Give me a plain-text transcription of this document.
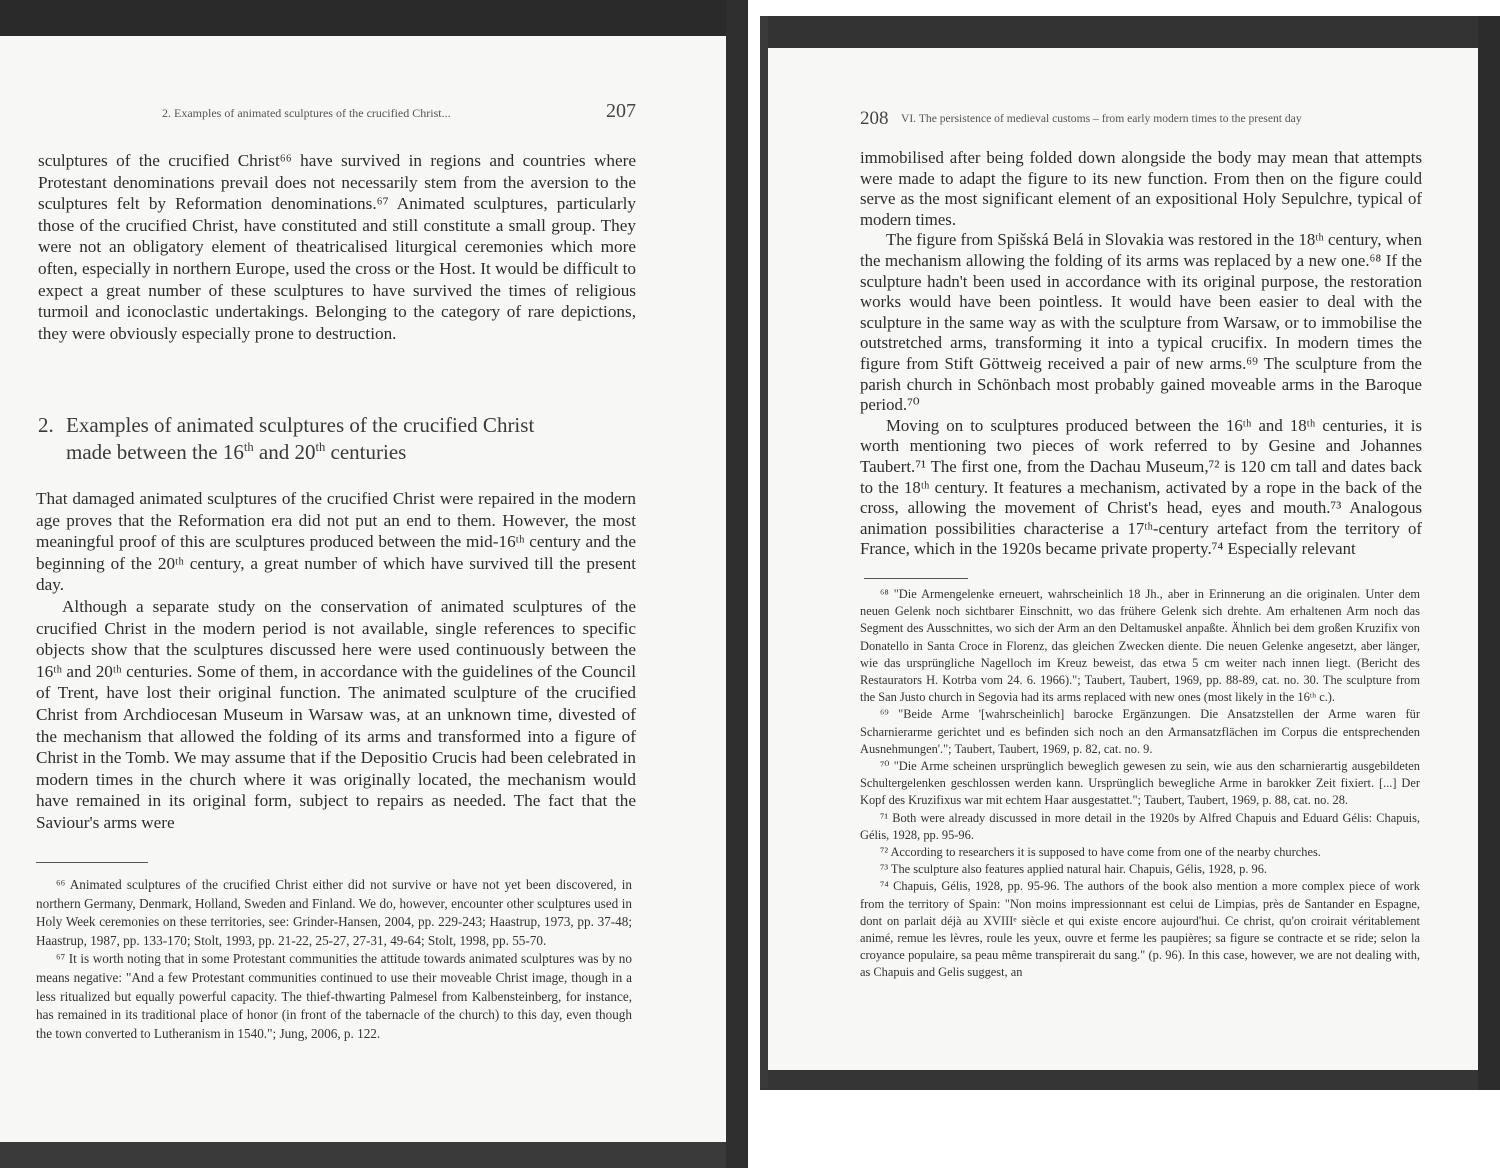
2. Examples of animated sculptures of the crucified Christ...	207

sculptures of the crucified Christ⁶⁶ have survived in regions and countries where Protestant denominations prevail does not necessarily stem from the aversion to the sculptures felt by Reformation denominations.⁶⁷ Animated sculptures, particularly those of the crucified Christ, have constituted and still constitute a small group. They were not an obligatory element of theatricalised liturgical ceremonies which more often, especially in northern Europe, used the cross or the Host. It would be difficult to expect a great number of these sculptures to have survived the times of religious turmoil and iconoclastic undertakings. Belonging to the category of rare depictions, they were obviously especially prone to destruction.

2. Examples of animated sculptures of the crucified Christ
made between the 16th and 20th centuries

That damaged animated sculptures of the crucified Christ were repaired in the modern age proves that the Reformation era did not put an end to them. However, the most meaningful proof of this are sculptures produced between the mid-16ᵗʰ century and the beginning of the 20ᵗʰ century, a great number of which have survived till the present day.

Although a separate study on the conservation of animated sculptures of the crucified Christ in the modern period is not available, single references to specific objects show that the sculptures discussed here were used continuously between the 16ᵗʰ and 20ᵗʰ centuries. Some of them, in accordance with the guidelines of the Council of Trent, have lost their original function. The animated sculpture of the crucified Christ from Archdiocesan Museum in Warsaw was, at an unknown time, divested of the mechanism that allowed the folding of its arms and transformed into a figure of Christ in the Tomb. We may assume that if the Depositio Crucis had been celebrated in modern times in the church where it was originally located, the mechanism would have remained in its original form, subject to repairs as needed. The fact that the Saviour's arms were

⁶⁶ Animated sculptures of the crucified Christ either did not survive or have not yet been discovered, in northern Germany, Denmark, Holland, Sweden and Finland. We do, however, encounter other sculptures used in Holy Week ceremonies on these territories, see: Grinder-Hansen, 2004, pp. 229-243; Haastrup, 1973, pp. 37-48; Haastrup, 1987, pp. 133-170; Stolt, 1993, pp. 21-22, 25-27, 27-31, 49-64; Stolt, 1998, pp. 55-70.

⁶⁷ It is worth noting that in some Protestant communities the attitude towards animated sculptures was by no means negative: "And a few Protestant communities continued to use their moveable Christ image, though in a less ritualized but equally powerful capacity. The thief-thwarting Palmesel from Kalbensteinberg, for instance, has remained in its traditional place of honor (in front of the tabernacle of the church) to this day, even though the town converted to Lutheranism in 1540."; Jung, 2006, p. 122.

208 VI. The persistence of medieval customs – from early modern times to the present day

immobilised after being folded down alongside the body may mean that attempts were made to adapt the figure to its new function. From then on the figure could serve as the most significant element of an expositional Holy Sepulchre, typical of modern times.

The figure from Spišská Belá in Slovakia was restored in the 18ᵗʰ century, when the mechanism allowing the folding of its arms was replaced by a new one.⁶⁸ If the sculpture hadn't been used in accordance with its original purpose, the restoration works would have been pointless. It would have been easier to deal with the sculpture in the same way as with the sculpture from Warsaw, or to immobilise the outstretched arms, transforming it into a typical crucifix. In modern times the figure from Stift Göttweig received a pair of new arms.⁶⁹ The sculpture from the parish church in Schönbach most probably gained moveable arms in the Baroque period.⁷⁰

Moving on to sculptures produced between the 16ᵗʰ and 18ᵗʰ centuries, it is worth mentioning two pieces of work referred to by Gesine and Johannes Taubert.⁷¹ The first one, from the Dachau Museum,⁷² is 120 cm tall and dates back to the 18ᵗʰ century. It features a mechanism, activated by a rope in the back of the cross, allowing the movement of Christ's head, eyes and mouth.⁷³ Analogous animation possibilities characterise a 17ᵗʰ-century artefact from the territory of France, which in the 1920s became private property.⁷⁴ Especially relevant

⁶⁸ "Die Armengelenke erneuert, wahrscheinlich 18 Jh., aber in Erinnerung an die originalen. Unter dem neuen Gelenk noch sichtbarer Einschnitt, wo das frühere Gelenk sich drehte. Am erhaltenen Arm noch das Segment des Ausschnittes, wo sich der Arm an den Deltamuskel anpaßte. Ähnlich bei dem großen Kruzifix von Donatello in Santa Croce in Florenz, das gleichen Zwecken diente. Die neuen Gelenke angesetzt, aber länger, wie das ursprüngliche Nagelloch im Kreuz beweist, das etwa 5 cm weiter nach innen liegt. (Bericht des Restaurators H. Kotrba vom 24. 6. 1966)."; Taubert, Taubert, 1969, pp. 88-89, cat. no. 30. The sculpture from the San Justo church in Segovia had its arms replaced with new ones (most likely in the 16ᵗʰ c.).

⁶⁹ "Beide Arme '[wahrscheinlich] barocke Ergänzungen. Die Ansatzstellen der Arme waren für Scharnierarme gerichtet und es befinden sich noch an den Armansatzflächen im Corpus die entsprechenden Ausnehmungen'."; Taubert, Taubert, 1969, p. 82, cat. no. 9.

⁷⁰ "Die Arme scheinen ursprünglich beweglich gewesen zu sein, wie aus den scharnierartig ausgebildeten Schultergelenken geschlossen werden kann. Ursprünglich bewegliche Arme in barokker Zeit fixiert. [...] Der Kopf des Kruzifixus war mit echtem Haar ausgestattet."; Taubert, Taubert, 1969, p. 88, cat. no. 28.

⁷¹ Both were already discussed in more detail in the 1920s by Alfred Chapuis and Eduard Gélis: Chapuis, Gélis, 1928, pp. 95-96.

⁷² According to researchers it is supposed to have come from one of the nearby churches.

⁷³ The sculpture also features applied natural hair. Chapuis, Gélis, 1928, p. 96.

⁷⁴ Chapuis, Gélis, 1928, pp. 95-96. The authors of the book also mention a more complex piece of work from the territory of Spain: "Non moins impressionnant est celui de Limpias, près de Santander en Espagne, dont on parlait déjà au XVIIIᵉ siècle et qui existe encore aujourd'hui. Ce christ, qu'on croirait véritablement animé, remue les lèvres, roule les yeux, ouvre et ferme les paupières; sa figure se contracte et se ride; selon la croyance populaire, sa peau même transpirerait du sang." (p. 96). In this case, however, we are not dealing with, as Chapuis and Gelis suggest, an
